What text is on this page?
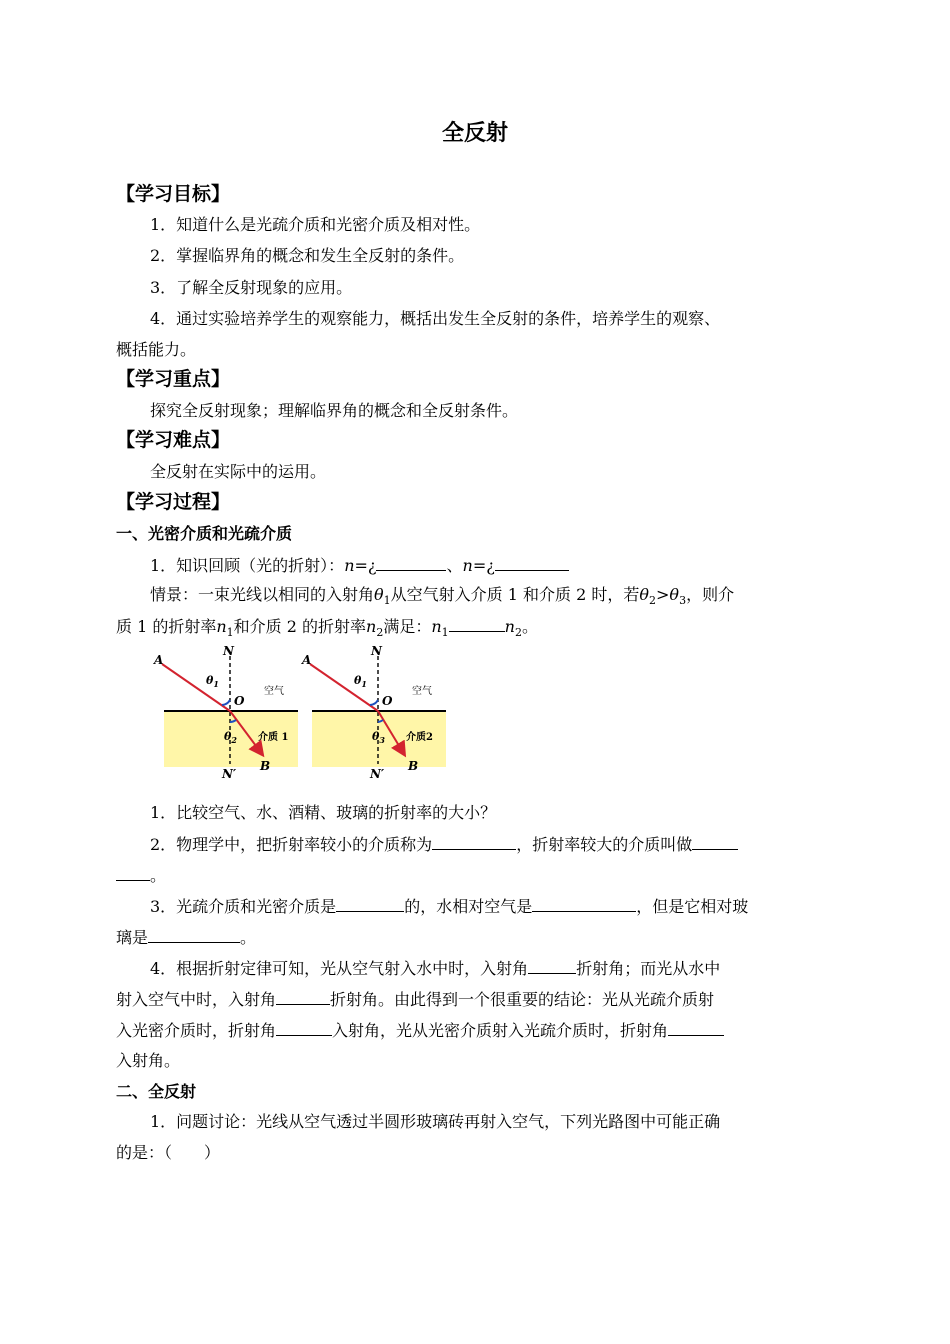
全反射
【学习目标】
1．知道什么是光疏介质和光密介质及相对性。
2．掌握临界角的概念和发生全反射的条件。
3．了解全反射现象的应用。
4．通过实验培养学生的观察能力，概括出发生全反射的条件，培养学生的观察、
概括能力。
【学习重点】
探究全反射现象；理解临界角的概念和全反射条件。
【学习难点】
全反射在实际中的运用。
【学习过程】
一、光密介质和光疏介质
1．知识回顾（光的折射）：n=¿	、n=¿
情景：一束光线以相同的入射角$\theta_1$从空气射入介质 1 和介质 2 时，若$\theta_2>\theta_3$，则介
质 1 的折射率$n_1$和介质 2 的折射率$n_2$满足：$n_1$	$n_2$。
A
N
$\theta_1$
O
空气
$\theta_2$ 介质 1
N′
B
A
N
$\theta_1$
O
空气
$\theta_3$ 介质2
N′
B
1．比较空气、水、酒精、玻璃的折射率的大小？
2．物理学中，把折射率较小的介质称为	，折射率较大的介质叫做
。
3．光疏介质和光密介质是	的，水相对空气是	，但是它相对玻
璃是	。
4．根据折射定律可知，光从空气射入水中时，入射角	折射角；而光从水中
射入空气中时，入射角	折射角。由此得到一个很重要的结论：光从光疏介质射
入光密介质时，折射角	入射角，光从光密介质射入光疏介质时，折射角
入射角。
二、全反射
1．问题讨论：光线从空气透过半圆形玻璃砖再射入空气，下列光路图中可能正确
的是：（　　）
